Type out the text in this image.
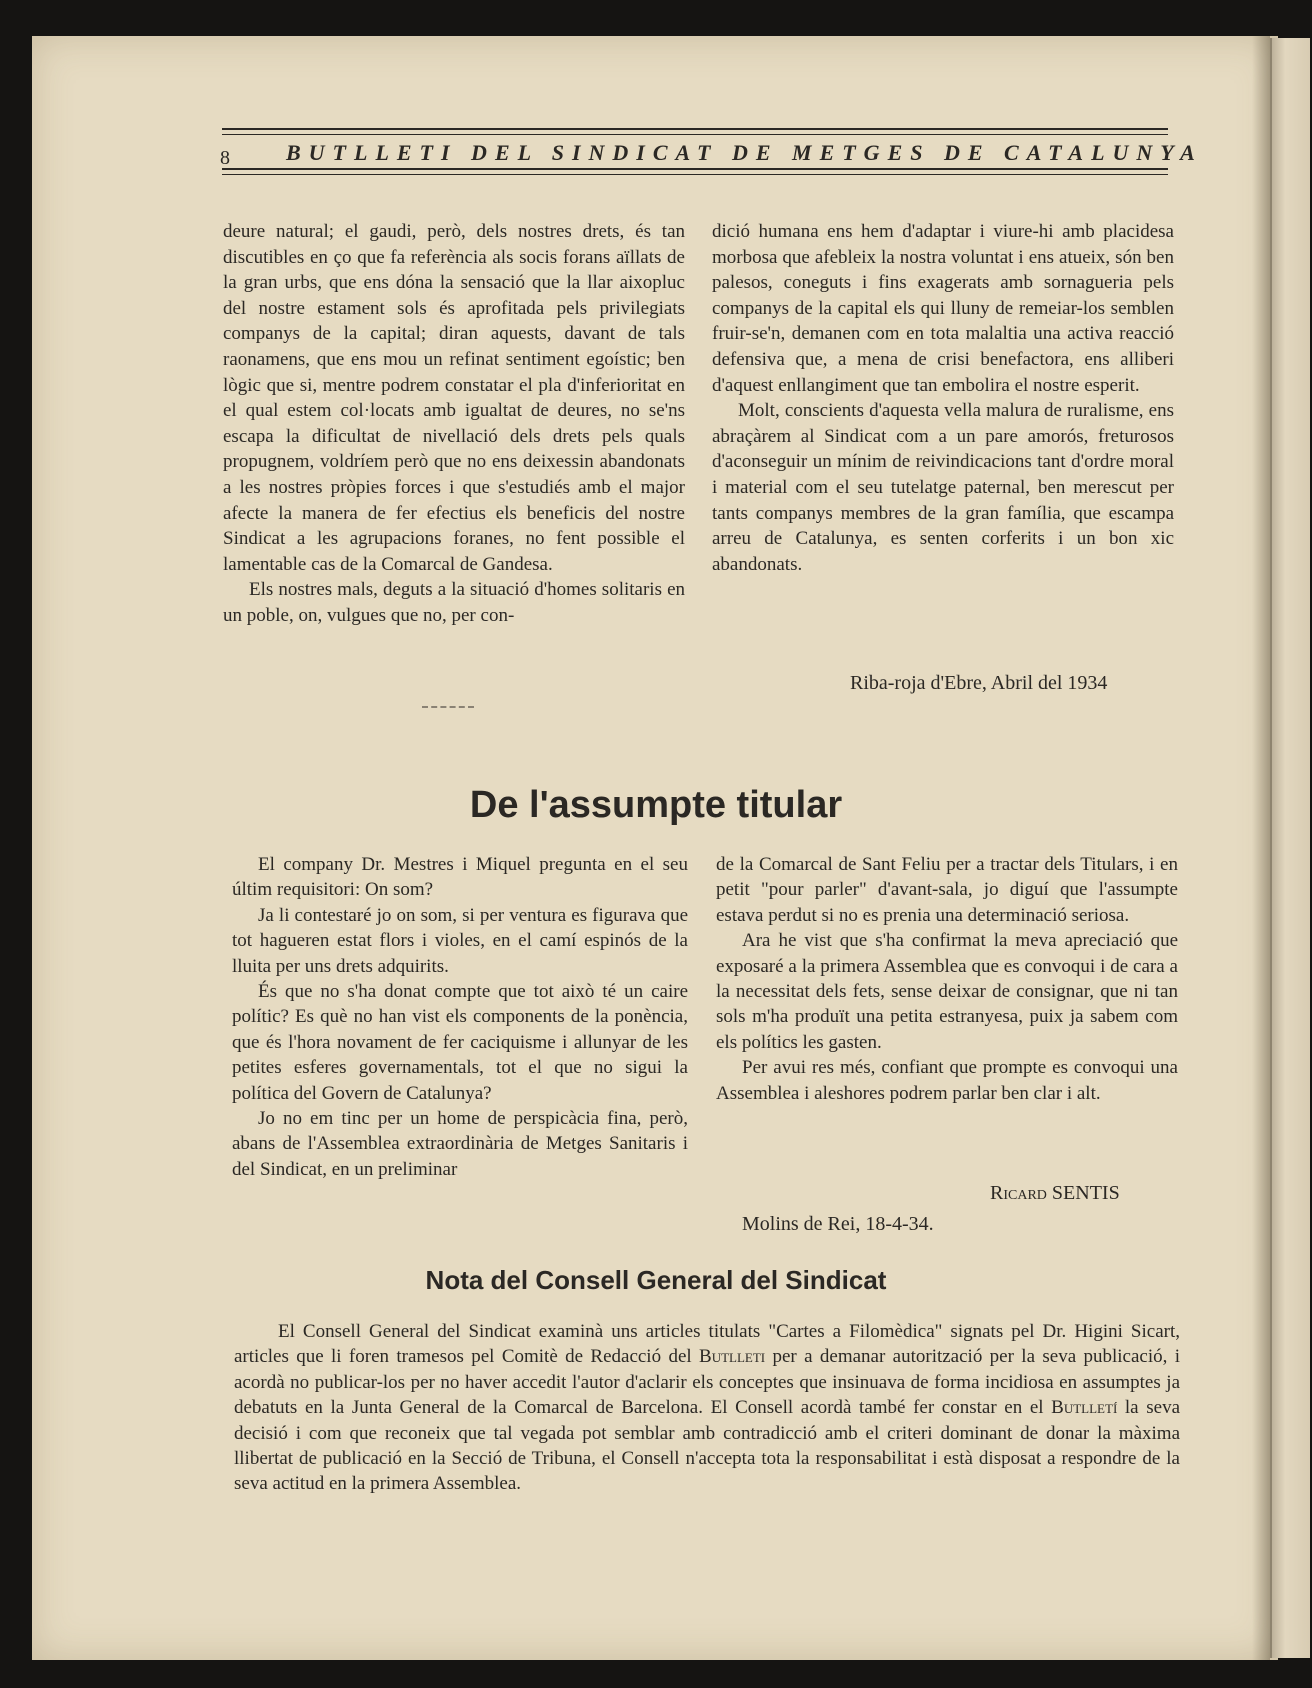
8	BUTLLETI DEL SINDICAT DE METGES DE CATALUNYA

deure natural; el gaudi, però, dels nostres drets, és tan discutibles en ço que fa referència als socis forans aïllats de la gran urbs, que ens dóna la sensació que la llar aixopluc del nostre estament sols és aprofitada pels privilegiats companys de la capital; diran aquests, davant de tals raonamens, que ens mou un refinat sentiment egoístic; ben lògic que si, mentre podrem constatar el pla d'inferioritat en el qual estem col·locats amb igualtat de deures, no se'ns escapa la dificultat de nivellació dels drets pels quals propugnem, voldríem però que no ens deixessin abandonats a les nostres pròpies forces i que s'estudiés amb el major afecte la manera de fer efectius els beneficis del nostre Sindicat a les agrupacions foranes, no fent possible el lamentable cas de la Comarcal de Gandesa.

Els nostres mals, deguts a la situació d'homes solitaris en un poble, on, vulgues que no, per con-

dició humana ens hem d'adaptar i viure-hi amb placidesa morbosa que afebleix la nostra voluntat i ens atueix, són ben palesos, coneguts i fins exagerats amb sornagueria pels companys de la capital els qui lluny de remeiar-los semblen fruir-se'n, demanen com en tota malaltia una activa reacció defensiva que, a mena de crisi benefactora, ens alliberi d'aquest enllangiment que tan embolira el nostre esperit.

Molt, conscients d'aquesta vella malura de ruralisme, ens abraçàrem al Sindicat com a un pare amorós, freturosos d'aconseguir un mínim de reivindicacions tant d'ordre moral i material com el seu tutelatge paternal, ben merescut per tants companys membres de la gran família, que escampa arreu de Catalunya, es senten corferits i un bon xic abandonats.

Riba-roja d'Ebre, Abril del 1934
De l'assumpte titular

El company Dr. Mestres i Miquel pregunta en el seu últim requisitori: On som?

Ja li contestaré jo on som, si per ventura es figurava que tot hagueren estat flors i violes, en el camí espinós de la lluita per uns drets adquirits.

És que no s'ha donat compte que tot això té un caire polític? Es què no han vist els components de la ponència, que és l'hora novament de fer caciquisme i allunyar de les petites esferes governamentals, tot el que no sigui la política del Govern de Catalunya?

Jo no em tinc per un home de perspicàcia fina, però, abans de l'Assemblea extraordinària de Metges Sanitaris i del Sindicat, en un preliminar

de la Comarcal de Sant Feliu per a tractar dels Titulars, i en petit "pour parler" d'avant-sala, jo diguí que l'assumpte estava perdut si no es prenia una determinació seriosa.

Ara he vist que s'ha confirmat la meva apreciació que exposaré a la primera Assemblea que es convoqui i de cara a la necessitat dels fets, sense deixar de consignar, que ni tan sols m'ha produït una petita estranyesa, puix ja sabem com els polítics les gasten.

Per avui res més, confiant que prompte es convoqui una Assemblea i aleshores podrem parlar ben clar i alt.

Ricard SENTIS
Molins de Rei, 18-4-34.
Nota del Consell General del Sindicat

El Consell General del Sindicat examinà uns articles titulats "Cartes a Filomèdica" signats pel Dr. Higini Sicart, articles que li foren tramesos pel Comitè de Redacció del Butlleti per a demanar autorització per la seva publicació, i acordà no publicar-los per no haver accedit l'autor d'aclarir els conceptes que insinuava de forma incidiosa en assumptes ja debatuts en la Junta General de la Comarcal de Barcelona. El Consell acordà també fer constar en el Butlletí la seva decisió i com que reconeix que tal vegada pot semblar amb contradicció amb el criteri dominant de donar la màxima llibertat de publicació en la Secció de Tribuna, el Consell n'accepta tota la responsabilitat i està disposat a respondre de la seva actitud en la primera Assemblea.
